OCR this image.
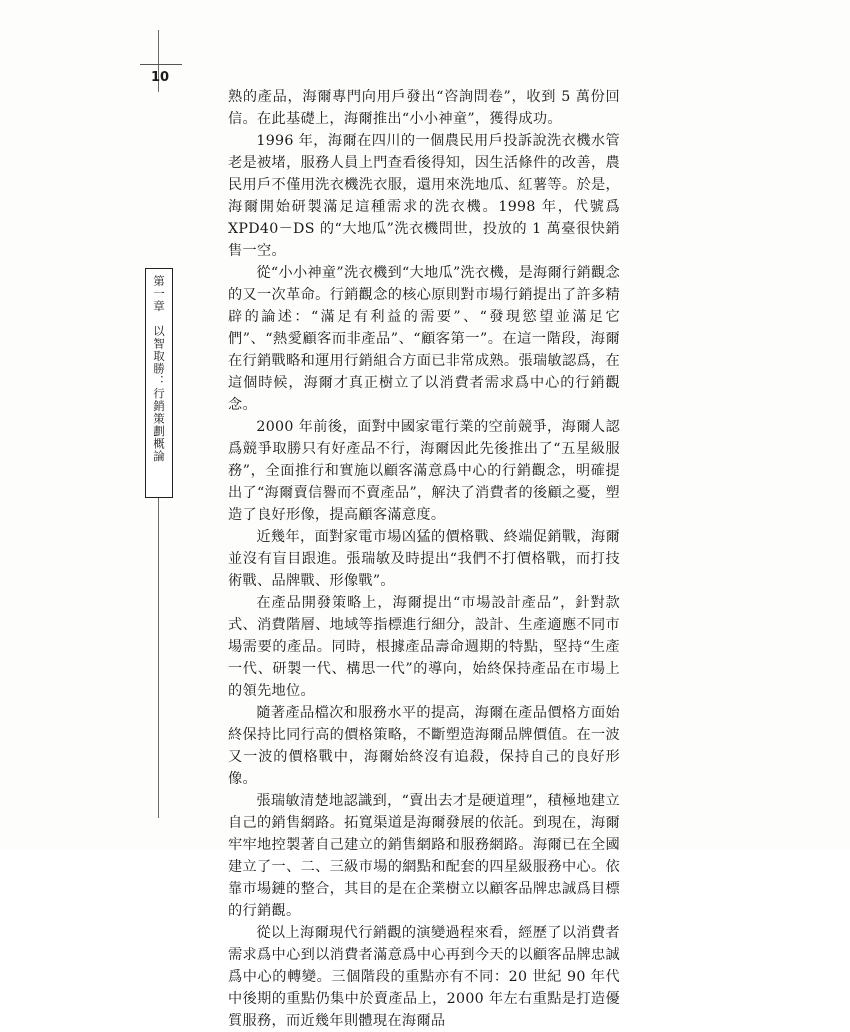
10
第一章　以智取勝：行銷策劃概論

熟的產品，海爾專門向用戶發出“咨詢問卷”，收到 5 萬份回信。在此基礎上，海爾推出“小小神童”，獲得成功。

1996 年，海爾在四川的一個農民用戶投訴說洗衣機水管老是被堵，服務人員上門查看後得知，因生活條件的改善，農民用戶不僅用洗衣機洗衣服，還用來洗地瓜、紅薯等。於是，海爾開始研製滿足這種需求的洗衣機。1998 年，代號爲 XPD40－DS 的“大地瓜”洗衣機問世，投放的 1 萬臺很快銷售一空。

從“小小神童”洗衣機到“大地瓜”洗衣機，是海爾行銷觀念的又一次革命。行銷觀念的核心原則對市場行銷提出了許多精辟的論述：“滿足有利益的需要”、“發現慾望並滿足它們”、“熱愛顧客而非產品”、“顧客第一”。在這一階段，海爾在行銷戰略和運用行銷組合方面已非常成熟。張瑞敏認爲，在這個時候，海爾才真正樹立了以消費者需求爲中心的行銷觀念。

2000 年前後，面對中國家電行業的空前競爭，海爾人認爲競爭取勝只有好產品不行，海爾因此先後推出了“五星級服務”，全面推行和實施以顧客滿意爲中心的行銷觀念，明確提出了“海爾賣信譽而不賣產品”，解決了消費者的後顧之憂，塑造了良好形像，提高顧客滿意度。

近幾年，面對家電市場凶猛的價格戰、終端促銷戰，海爾並沒有盲目跟進。張瑞敏及時提出“我們不打價格戰，而打技術戰、品牌戰、形像戰”。

在產品開發策略上，海爾提出“市場設計產品”，針對款式、消費階層、地域等指標進行細分，設計、生產適應不同市場需要的產品。同時，根據產品壽命週期的特點，堅持“生產一代、研製一代、構思一代”的導向，始終保持產品在市場上的領先地位。

隨著產品檔次和服務水平的提高，海爾在產品價格方面始終保持比同行高的價格策略，不斷塑造海爾品牌價值。在一波又一波的價格戰中，海爾始終沒有追殺，保持自己的良好形像。

張瑞敏清楚地認識到，“賣出去才是硬道理”，積極地建立自己的銷售網路。拓寬渠道是海爾發展的依託。到現在，海爾牢牢地控製著自己建立的銷售網路和服務網路。海爾已在全國建立了一、二、三級市場的網點和配套的四星級服務中心。依靠市場鏈的整合，其目的是在企業樹立以顧客品牌忠誠爲目標的行銷觀。

從以上海爾現代行銷觀的演變過程來看，經歷了以消費者需求爲中心到以消費者滿意爲中心再到今天的以顧客品牌忠誠爲中心的轉變。三個階段的重點亦有不同：20 世紀 90 年代中後期的重點仍集中於賣產品上，2000 年左右重點是打造優質服務，而近幾年則體現在海爾品
